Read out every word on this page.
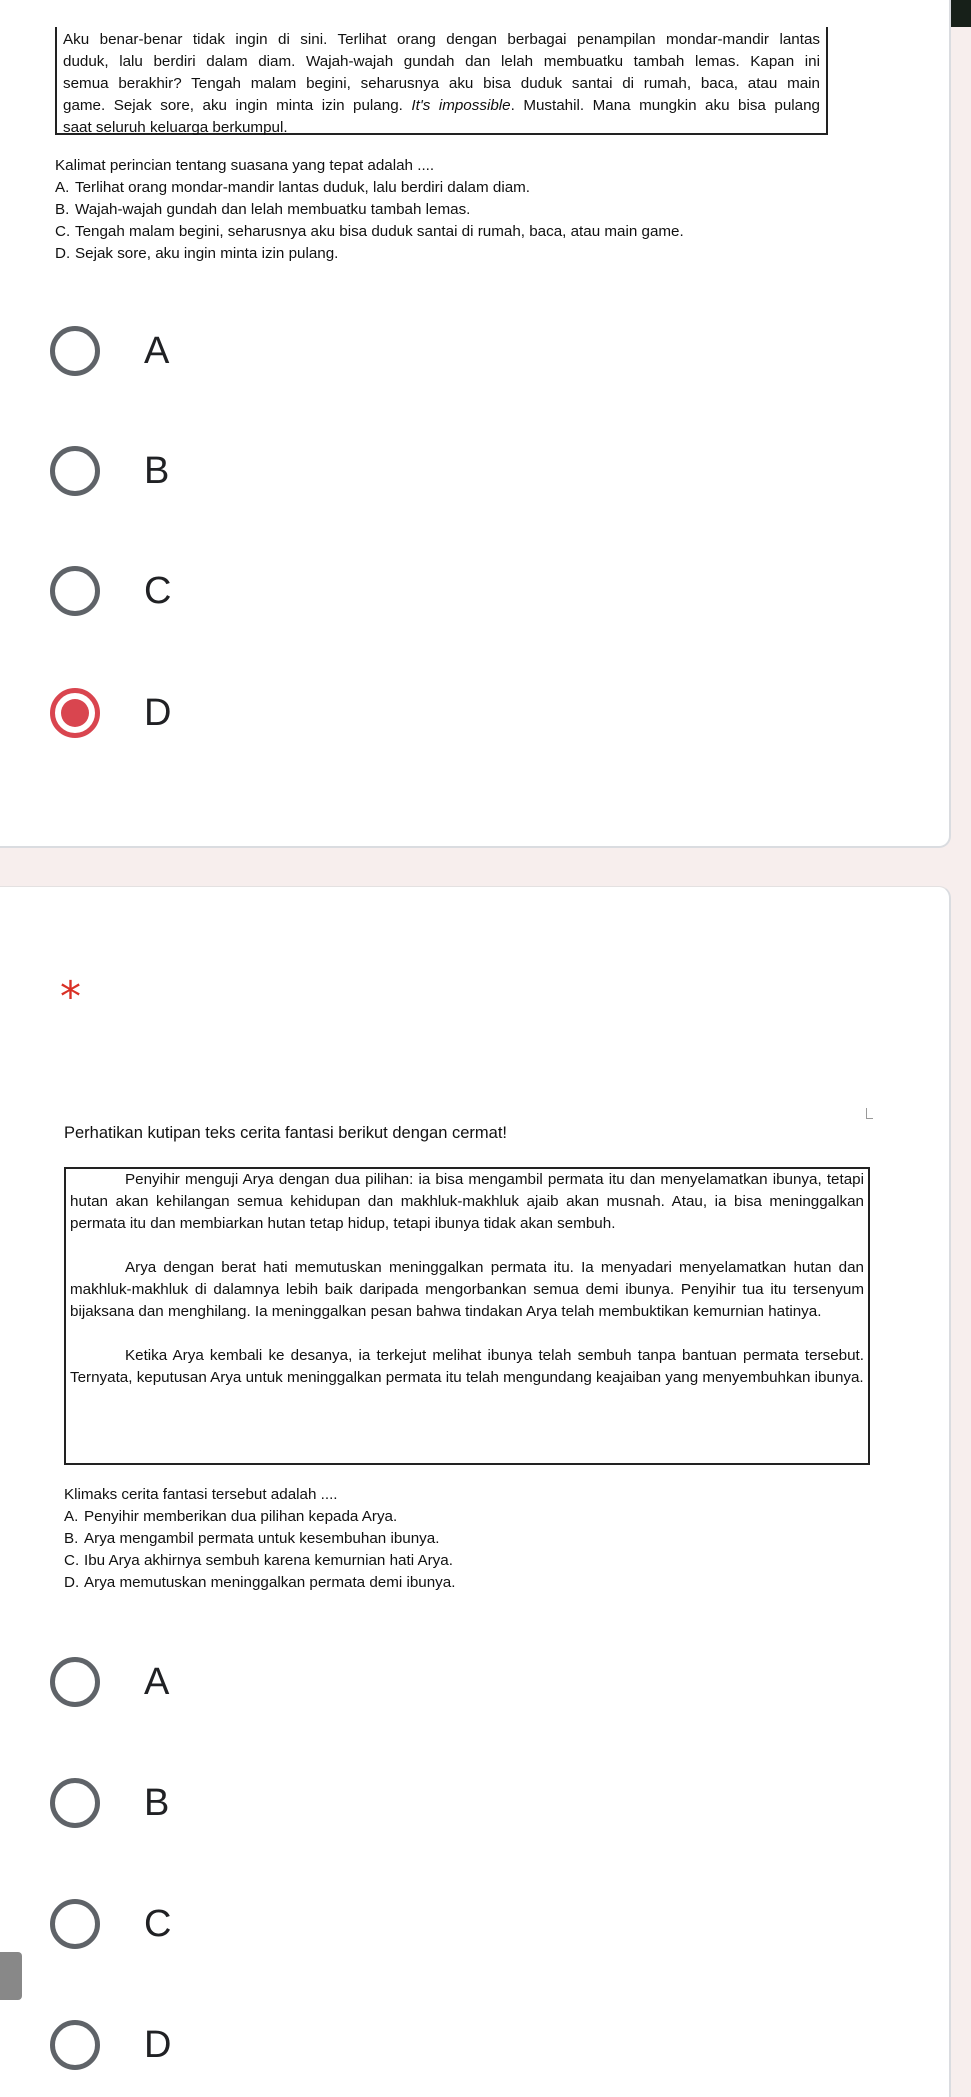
Aku benar-benar tidak ingin di sini. Terlihat orang dengan berbagai penampilan mondar-mandir lantas
duduk, lalu berdiri dalam diam. Wajah-wajah gundah dan lelah membuatku tambah lemas. Kapan ini
semua berakhir? Tengah malam begini, seharusnya aku bisa duduk santai di rumah, baca, atau main
game. Sejak sore, aku ingin minta izin pulang. It's impossible. Mustahil. Mana mungkin aku bisa pulang
saat seluruh keluarga berkumpul.
Kalimat perincian tentang suasana yang tepat adalah ....
A. Terlihat orang mondar-mandir lantas duduk, lalu berdiri dalam diam.
B. Wajah-wajah gundah dan lelah membuatku tambah lemas.
C. Tengah malam begini, seharusnya aku bisa duduk santai di rumah, baca, atau main game.
D. Sejak sore, aku ingin minta izin pulang.
A
B
C
D
*
Perhatikan kutipan teks cerita fantasi berikut dengan cermat!

Penyihir menguji Arya dengan dua pilihan: ia bisa mengambil permata itu dan menyelamatkan ibunya, tetapi hutan akan kehilangan semua kehidupan dan makhluk-makhluk ajaib akan musnah. Atau, ia bisa meninggalkan permata itu dan membiarkan hutan tetap hidup, tetapi ibunya tidak akan sembuh.

Arya dengan berat hati memutuskan meninggalkan permata itu. Ia menyadari menyelamatkan hutan dan makhluk-makhluk di dalamnya lebih baik daripada mengorbankan semua demi ibunya. Penyihir tua itu tersenyum bijaksana dan menghilang. Ia meninggalkan pesan bahwa tindakan Arya telah membuktikan kemurnian hatinya.

Ketika Arya kembali ke desanya, ia terkejut melihat ibunya telah sembuh tanpa bantuan permata tersebut. Ternyata, keputusan Arya untuk meninggalkan permata itu telah mengundang keajaiban yang menyembuhkan ibunya.

Klimaks cerita fantasi tersebut adalah ....
A. Penyihir memberikan dua pilihan kepada Arya.
B. Arya mengambil permata untuk kesembuhan ibunya.
C. Ibu Arya akhirnya sembuh karena kemurnian hati Arya.
D. Arya memutuskan meninggalkan permata demi ibunya.
A
B
C
D
